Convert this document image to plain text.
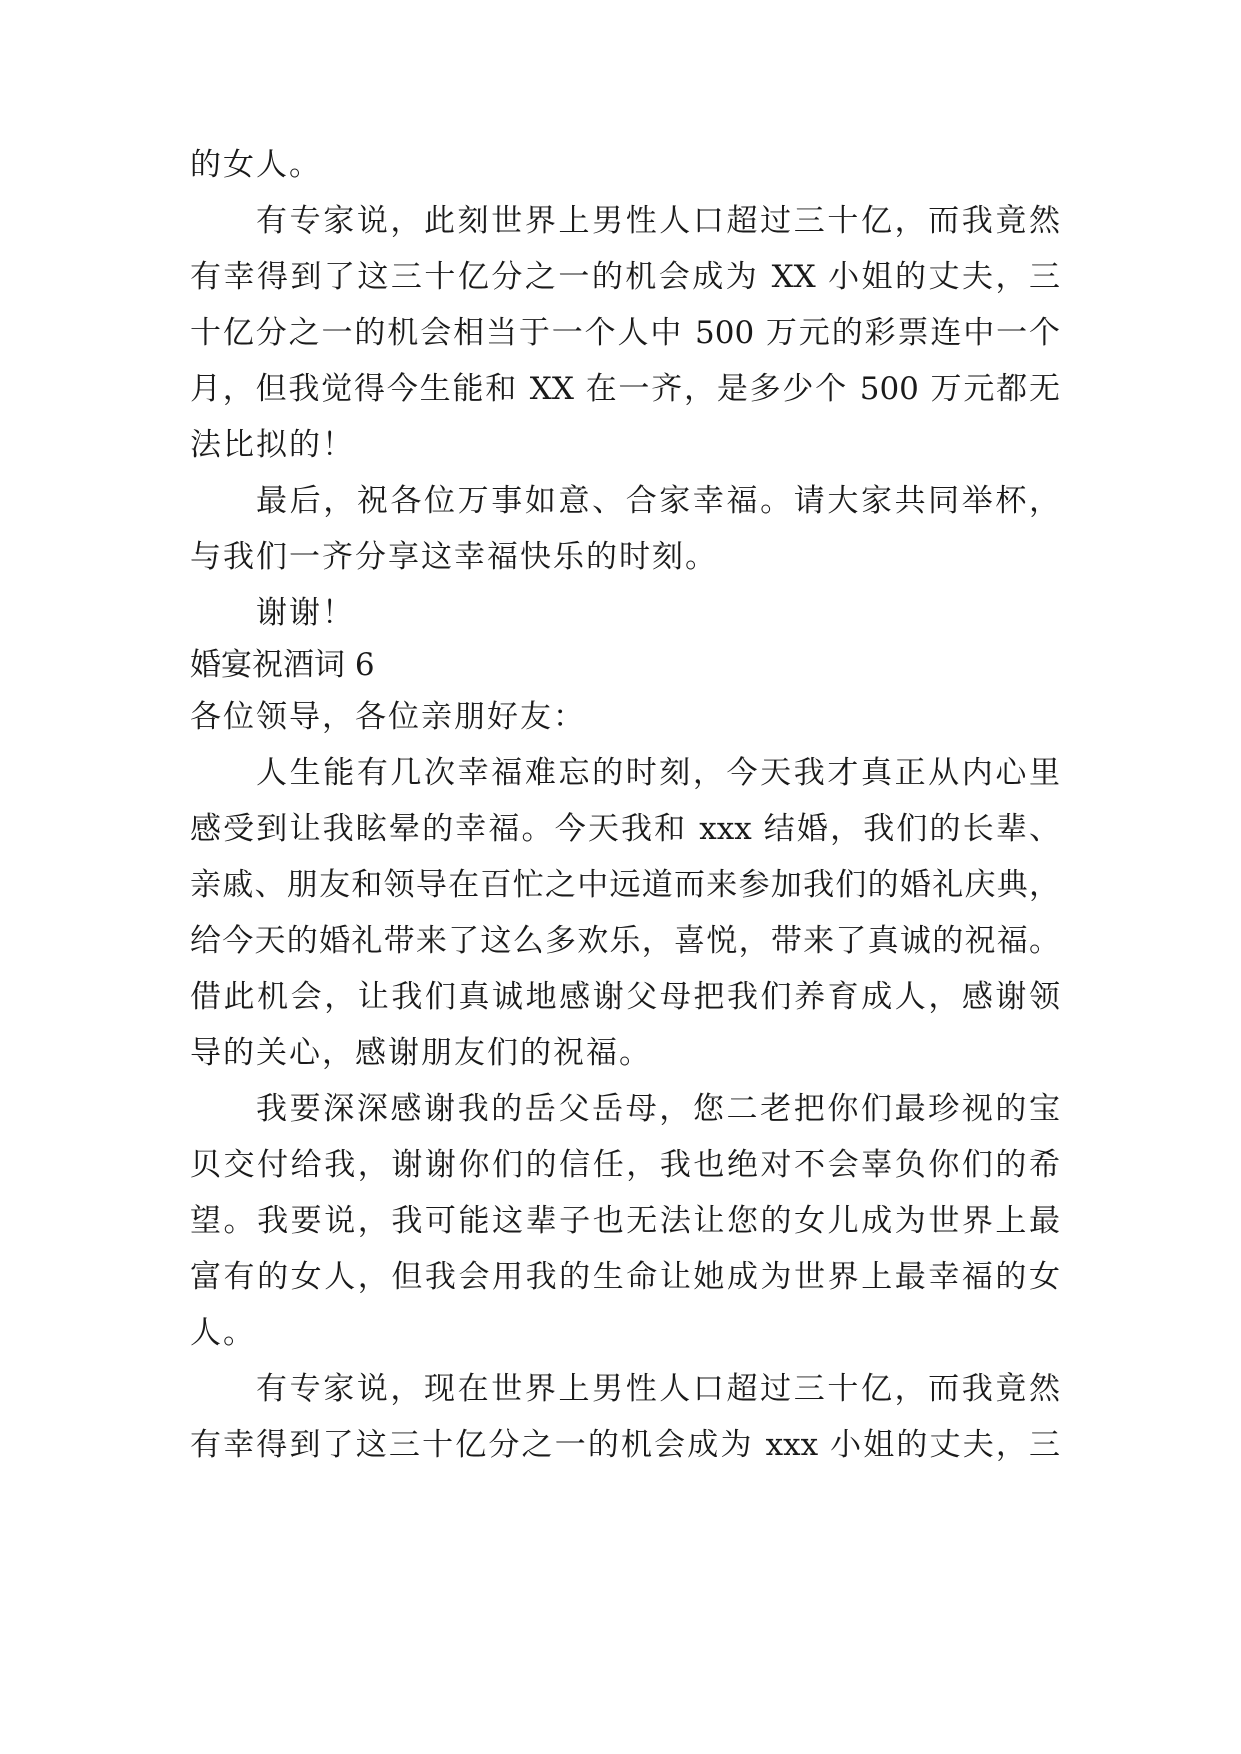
的女人。
有专家说，此刻世界上男性人口超过三十亿，而我竟然
有幸得到了这三十亿分之一的机会成为 XX 小姐的丈夫，三
十亿分之一的机会相当于一个人中 500 万元的彩票连中一个
月，但我觉得今生能和 XX 在一齐，是多少个 500 万元都无
法比拟的！
最后，祝各位万事如意、合家幸福。请大家共同举杯，
与我们一齐分享这幸福快乐的时刻。
谢谢！
婚宴祝酒词 6
各位领导，各位亲朋好友：
人生能有几次幸福难忘的时刻，今天我才真正从内心里
感受到让我眩晕的幸福。今天我和 xxx 结婚，我们的长辈、
亲戚、朋友和领导在百忙之中远道而来参加我们的婚礼庆典，
给今天的婚礼带来了这么多欢乐，喜悦，带来了真诚的祝福。
借此机会，让我们真诚地感谢父母把我们养育成人，感谢领
导的关心，感谢朋友们的祝福。
我要深深感谢我的岳父岳母，您二老把你们最珍视的宝
贝交付给我，谢谢你们的信任，我也绝对不会辜负你们的希
望。我要说，我可能这辈子也无法让您的女儿成为世界上最
富有的女人，但我会用我的生命让她成为世界上最幸福的女
人。
有专家说，现在世界上男性人口超过三十亿，而我竟然
有幸得到了这三十亿分之一的机会成为 xxx 小姐的丈夫，三
